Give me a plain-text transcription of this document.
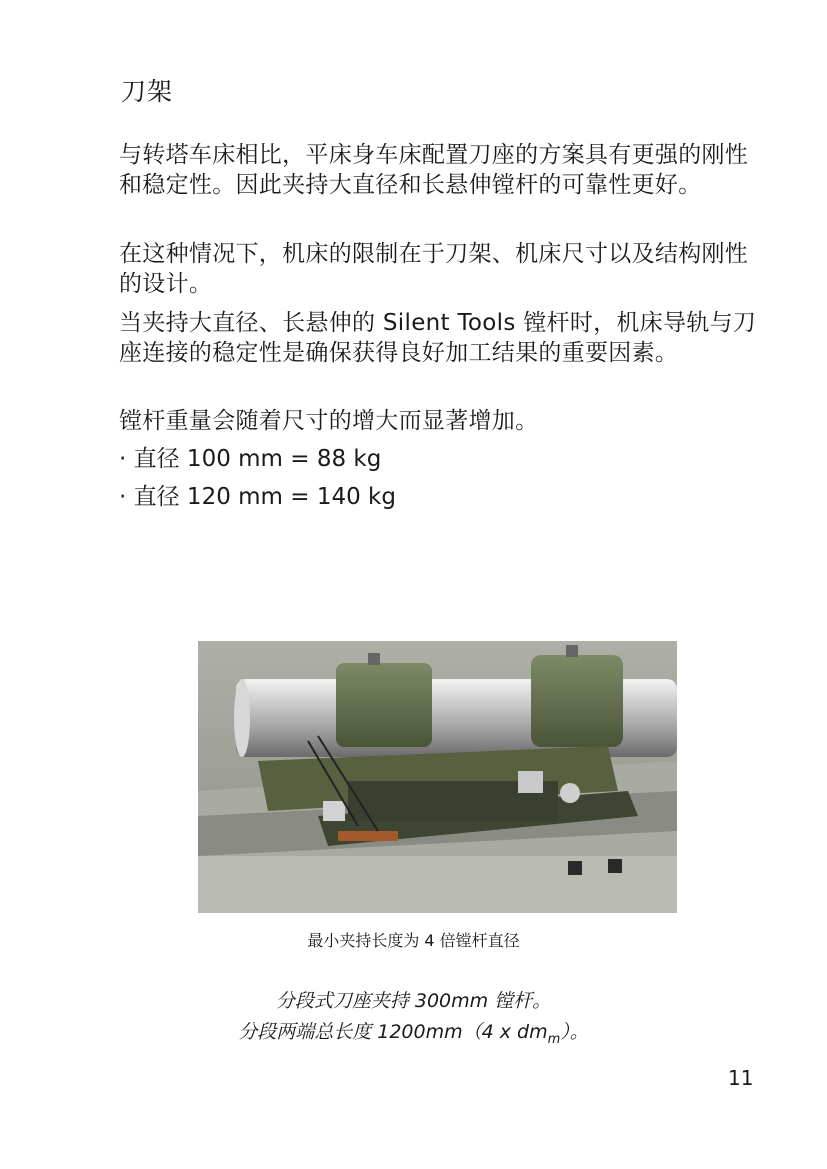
刀架
与转塔车床相比，平床身车床配置刀座的方案具有更强的刚性和稳定性。因此夹持大直径和长悬伸镗杆的可靠性更好。
在这种情况下，机床的限制在于刀架、机床尺寸以及结构刚性的设计。
当夹持大直径、长悬伸的 Silent Tools 镗杆时，机床导轨与刀座连接的稳定性是确保获得良好加工结果的重要因素。
镗杆重量会随着尺寸的增大而显著增加。
· 直径 100 mm = 88 kg
· 直径 120 mm = 140 kg
最小夹持长度为 4 倍镗杆直径
分段式刀座夹持 300mm 镗杆。
分段两端总长度 1200mm（4 x $dm_m$）。
11
